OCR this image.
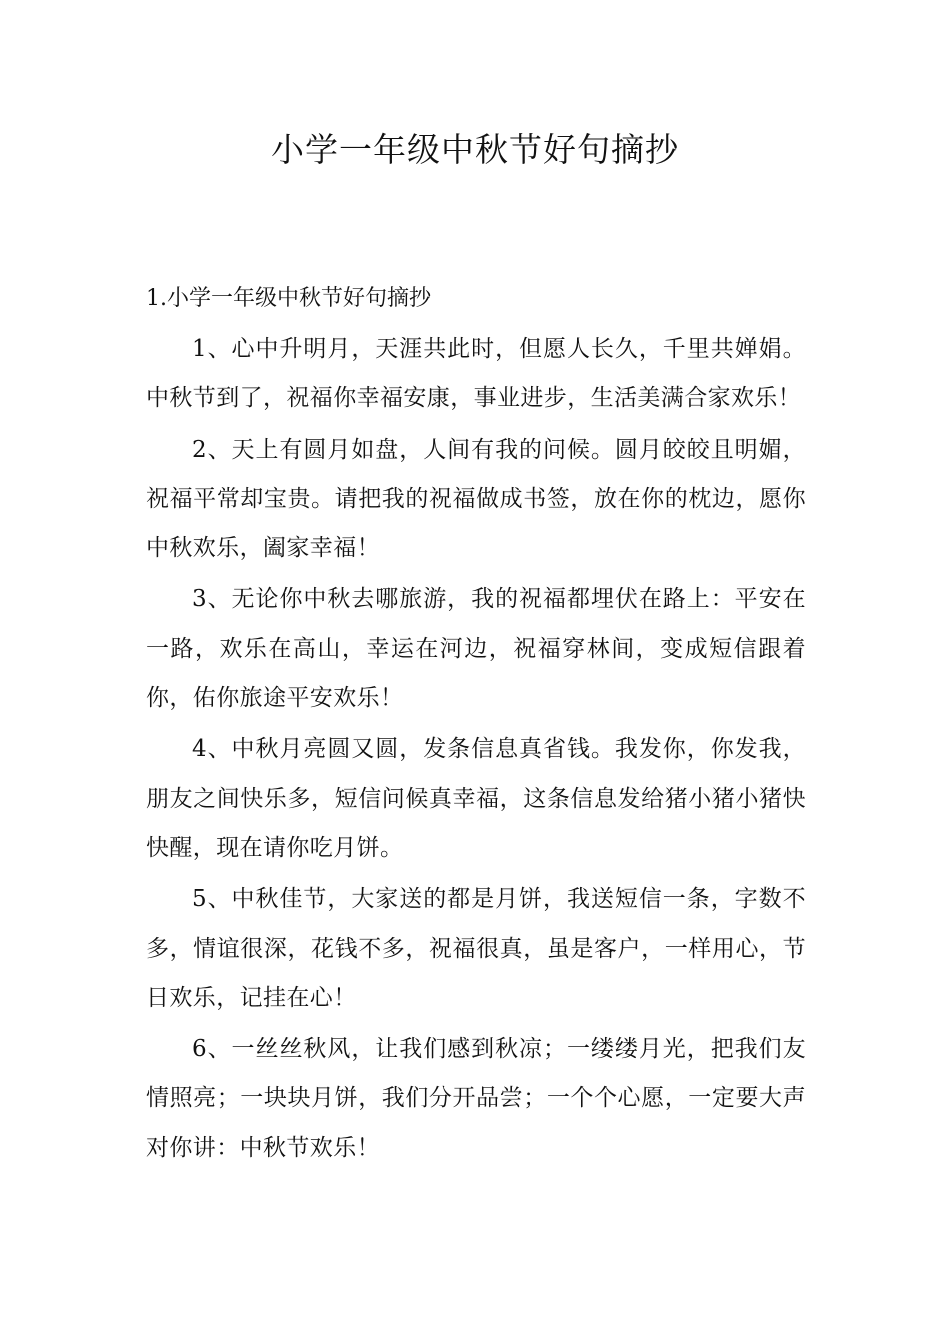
小学一年级中秋节好句摘抄

1.小学一年级中秋节好句摘抄

1、心中升明月，天涯共此时，但愿人长久，千里共婵娟。中秋节到了，祝福你幸福安康，事业进步，生活美满合家欢乐！

2、天上有圆月如盘，人间有我的问候。圆月皎皎且明媚，祝福平常却宝贵。请把我的祝福做成书签，放在你的枕边，愿你中秋欢乐，阖家幸福！

3、无论你中秋去哪旅游，我的祝福都埋伏在路上：平安在一路，欢乐在高山，幸运在河边，祝福穿林间，变成短信跟着你，佑你旅途平安欢乐！

4、中秋月亮圆又圆，发条信息真省钱。我发你，你发我，朋友之间快乐多，短信问候真幸福，这条信息发给猪小猪小猪快快醒，现在请你吃月饼。

5、中秋佳节，大家送的都是月饼，我送短信一条，字数不多，情谊很深，花钱不多，祝福很真，虽是客户，一样用心，节日欢乐，记挂在心！

6、一丝丝秋风，让我们感到秋凉；一缕缕月光，把我们友情照亮；一块块月饼，我们分开品尝；一个个心愿，一定要大声对你讲：中秋节欢乐！
